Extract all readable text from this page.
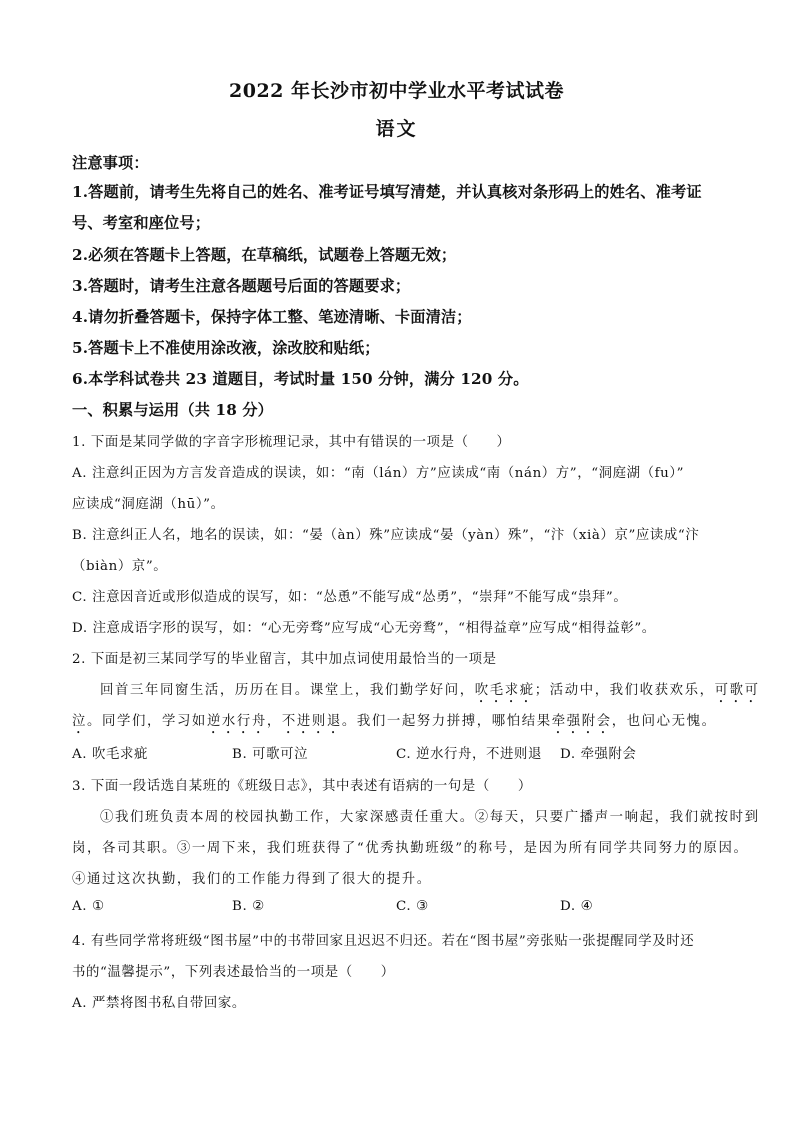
2022 年长沙市初中学业水平考试试卷
语文
注意事项：
1.答题前，请考生先将自己的姓名、准考证号填写清楚，并认真核对条形码上的姓名、准考证
号、考室和座位号；
2.必须在答题卡上答题，在草稿纸，试题卷上答题无效；
3.答题时，请考生注意各题题号后面的答题要求；
4.请勿折叠答题卡，保持字体工整、笔迹清晰、卡面清洁；
5.答题卡上不准使用涂改液，涂改胶和贴纸；
6.本学科试卷共 23 道题目，考试时量 150 分钟，满分 120 分。
一、积累与运用（共 18 分）
1. 下面是某同学做的字音字形梳理记录，其中有错误的一项是（　　）
A. 注意纠正因为方言发音造成的误读，如：“南（lán）方”应读成“南（nán）方”，“洞庭湖（fu）”
应读成“洞庭湖（hū）”。
B. 注意纠正人名，地名的误读，如：“晏（àn）殊”应读成“晏（yàn）殊”，“汴（xià）京”应读成“汴
（biàn）京”。
C. 注意因音近或形似造成的误写，如：“怂恿”不能写成“怂勇”，“崇拜”不能写成“祟拜”。
D. 注意成语字形的误写，如：“心无旁骛”应写成“心无旁鹜”，“相得益章”应写成“相得益彰”。
2. 下面是初三某同学写的毕业留言，其中加点词使用最恰当的一项是
回首三年同窗生活，历历在目。课堂上，我们勤学好问，吹毛求疵；活动中，我们收获欢乐，可歌可
泣。同学们，学习如逆水行舟，不进则退。我们一起努力拼搏，哪怕结果牵强附会，也问心无愧。
A. 吹毛求疵	B. 可歌可泣	C. 逆水行舟，不进则退 D. 牵强附会
3. 下面一段话选自某班的《班级日志》，其中表述有语病的一句是（　　）
①我们班负责本周的校园执勤工作，大家深感责任重大。②每天，只要广播声一响起，我们就按时到
岗，各司其职。③一周下来，我们班获得了“优秀执勤班级”的称号，是因为所有同学共同努力的原因。
④通过这次执勤，我们的工作能力得到了很大的提升。
A. ①	B. ②	C. ③	D. ④
4. 有些同学常将班级“图书屋”中的书带回家且迟迟不归还。若在“图书屋”旁张贴一张提醒同学及时还
书的“温馨提示”，下列表述最恰当的一项是（　　）
A. 严禁将图书私自带回家。
